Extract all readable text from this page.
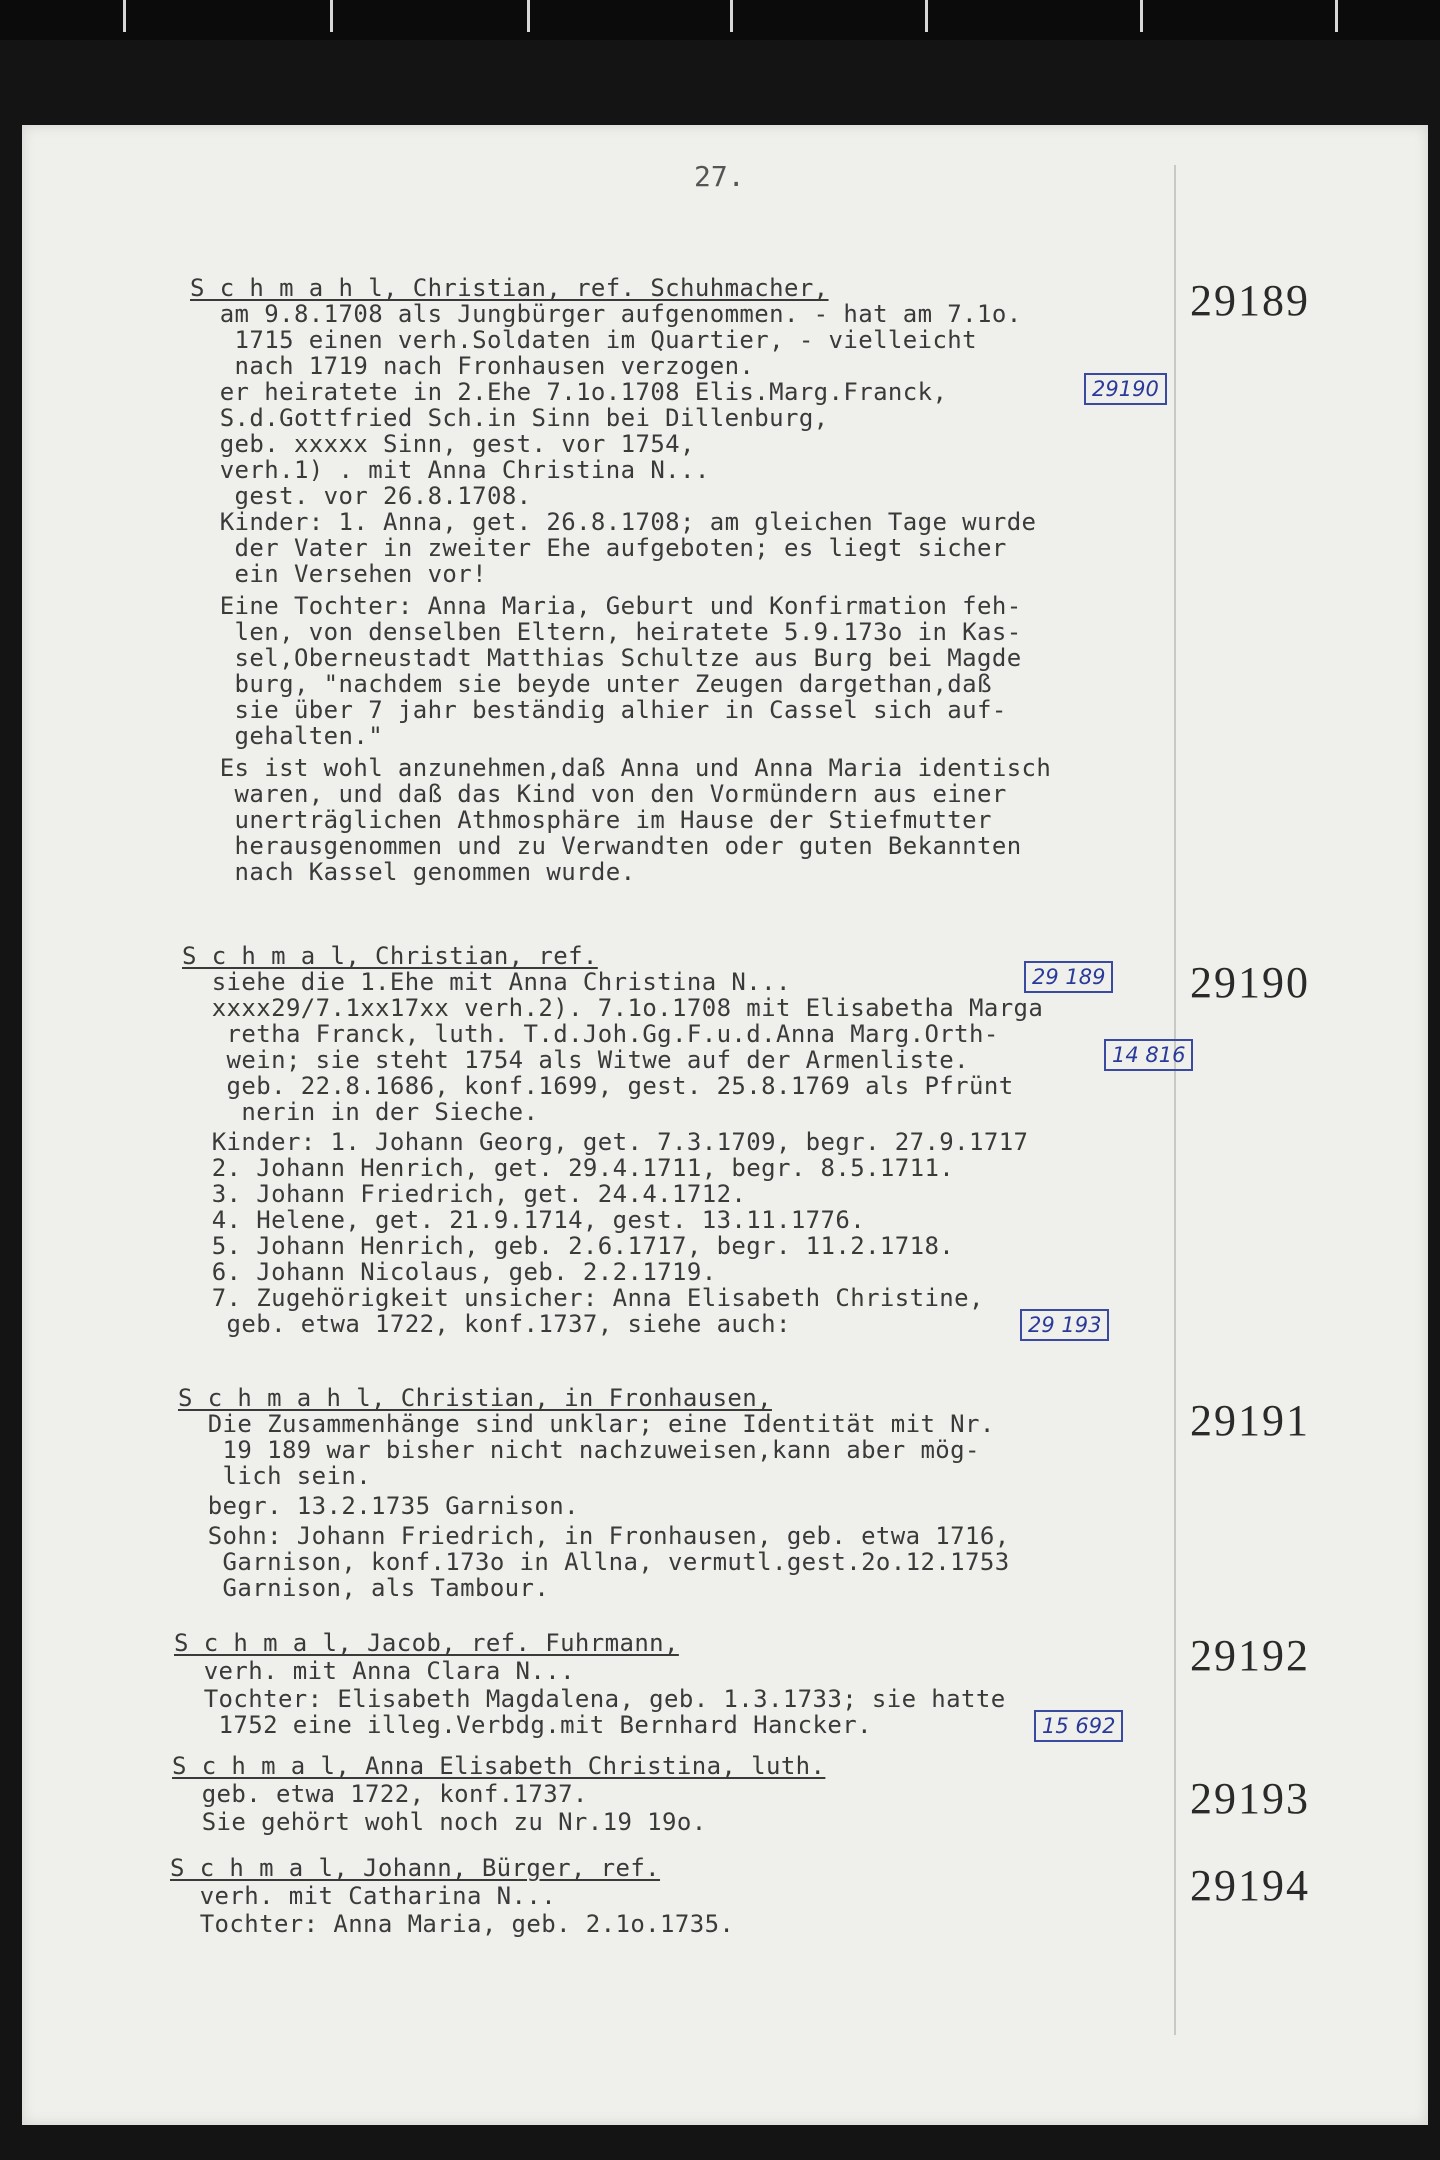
27.
29189
S c h m a h l, Christian, ref. Schuhmacher,
am 9.8.1708 als Jungbürger aufgenommen. - hat am 7.1o.
1715 einen verh.Soldaten im Quartier, - vielleicht
nach 1719 nach Fronhausen verzogen.
er heiratete in 2.Ehe 7.1o.1708 Elis.Marg.Franck,
S.d.Gottfried Sch.in Sinn bei Dillenburg,
geb. xxxxx Sinn, gest. vor 1754,
verh.1) . mit Anna Christina N...
gest. vor 26.8.1708.
Kinder: 1. Anna, get. 26.8.1708; am gleichen Tage wurde
der Vater in zweiter Ehe aufgeboten; es liegt sicher
ein Versehen vor!
Eine Tochter: Anna Maria, Geburt und Konfirmation feh-
len, von denselben Eltern, heiratete 5.9.173o in Kas-
sel,Oberneustadt Matthias Schultze aus Burg bei Magde
burg, "nachdem sie beyde unter Zeugen dargethan,daß
sie über 7 jahr beständig alhier in Cassel sich auf-
gehalten."
Es ist wohl anzunehmen,daß Anna und Anna Maria identisch
waren, und daß das Kind von den Vormündern aus einer
unerträglichen Athmosphäre im Hause der Stiefmutter
herausgenommen und zu Verwandten oder guten Bekannten
nach Kassel genommen wurde.
29190
29190
S c h m a l, Christian, ref.
siehe die 1.Ehe mit Anna Christina N...
xxxx29/7.1xx17xx verh.2). 7.1o.1708 mit Elisabetha Marga
retha Franck, luth. T.d.Joh.Gg.F.u.d.Anna Marg.Orth-
wein; sie steht 1754 als Witwe auf der Armenliste.
geb. 22.8.1686, konf.1699, gest. 25.8.1769 als Pfrünt
nerin in der Sieche.
Kinder: 1. Johann Georg, get. 7.3.1709, begr. 27.9.1717
2. Johann Henrich, get. 29.4.1711, begr. 8.5.1711.
3. Johann Friedrich, get. 24.4.1712.
4. Helene, get. 21.9.1714, gest. 13.11.1776.
5. Johann Henrich, geb. 2.6.1717, begr. 11.2.1718.
6. Johann Nicolaus, geb. 2.2.1719.
7. Zugehörigkeit unsicher: Anna Elisabeth Christine,
geb. etwa 1722, konf.1737, siehe auch:
29 189
14 816
29 193
29191
S c h m a h l, Christian, in Fronhausen,
Die Zusammenhänge sind unklar; eine Identität mit Nr.
19 189 war bisher nicht nachzuweisen,kann aber mög-
lich sein.
begr. 13.2.1735 Garnison.
Sohn: Johann Friedrich, in Fronhausen, geb. etwa 1716,
Garnison, konf.173o in Allna, vermutl.gest.2o.12.1753
Garnison, als Tambour.
29192
S c h m a l, Jacob, ref. Fuhrmann,
verh. mit Anna Clara N...
Tochter: Elisabeth Magdalena, geb. 1.3.1733; sie hatte
1752 eine illeg.Verbdg.mit Bernhard Hancker.	15 692
29193
S c h m a l, Anna Elisabeth Christina, luth.
geb. etwa 1722, konf.1737.
Sie gehört wohl noch zu Nr.19 19o.
29194
S c h m a l, Johann, Bürger, ref.
verh. mit Catharina N...
Tochter: Anna Maria, geb. 2.1o.1735.
